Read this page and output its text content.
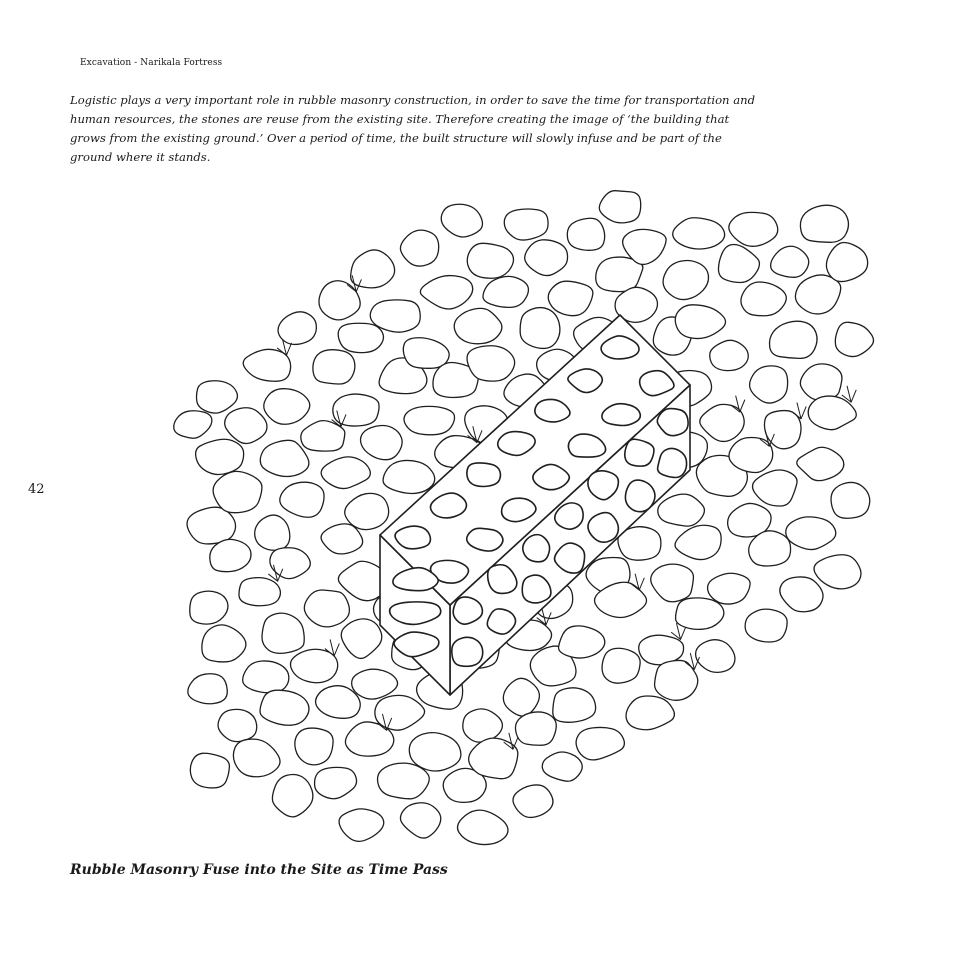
Excavation - Narikala Fortress

Logistic plays a very important role in rubble masonry construction, in order to save the time for transportation and human resources, the stones are reuse from the existing site. Therefore creating the image of ‘the building that grows from the existing ground.’ Over a period of time, the built structure will slowly infuse and be part of the ground where it stands.

42
Rubble Masonry Fuse into the Site as Time Pass
